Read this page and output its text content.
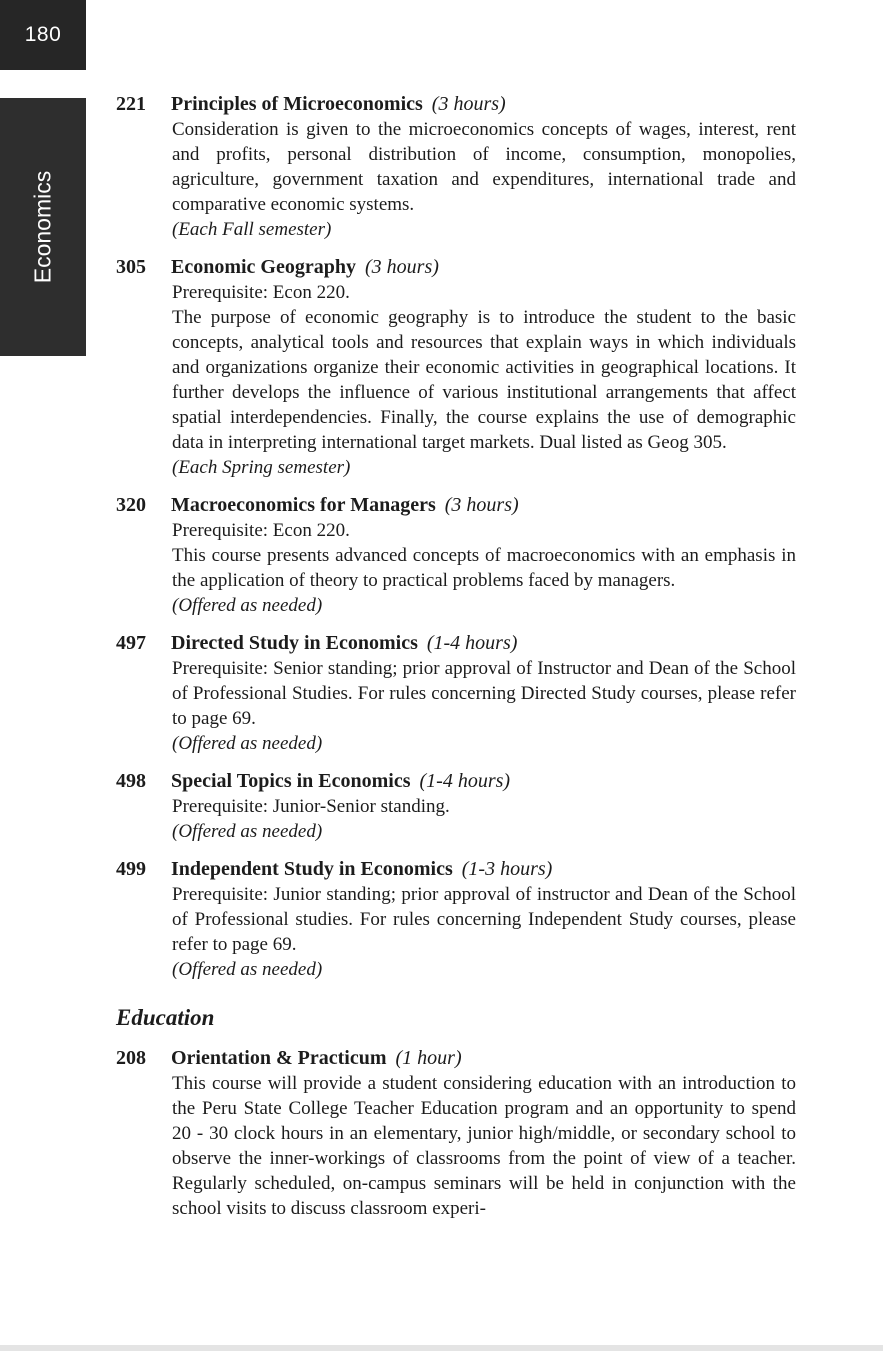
180
Economics
221	Principles of Microeconomics (3 hours)

Consideration is given to the microeconomics concepts of wages, interest, rent and profits, personal distribution of income, consumption, monopolies, agriculture, government taxation and expenditures, international trade and comparative economic systems.

(Each Fall semester)
305	Economic Geography (3 hours)
Prerequisite: Econ 220.

The purpose of economic geography is to introduce the student to the basic concepts, analytical tools and resources that explain ways in which individuals and organizations organize their economic activities in geographical locations. It further develops the influence of various institutional arrangements that affect spatial interdependencies. Finally, the course explains the use of demographic data in interpreting international target markets. Dual listed as Geog 305.

(Each Spring semester)
320	Macroeconomics for Managers (3 hours)
Prerequisite: Econ 220.

This course presents advanced concepts of macroeconomics with an emphasis in the application of theory to practical problems faced by managers.

(Offered as needed)
497	Directed Study in Economics (1-4 hours)

Prerequisite: Senior standing; prior approval of Instructor and Dean of the School of Professional Studies. For rules concerning Directed Study courses, please refer to page 69.

(Offered as needed)
498	Special Topics in Economics (1-4 hours)
Prerequisite: Junior-Senior standing.
(Offered as needed)
499	Independent Study in Economics (1-3 hours)

Prerequisite: Junior standing; prior approval of instructor and Dean of the School of Professional studies. For rules concerning Independent Study courses, please refer to page 69.

(Offered as needed)
Education
208	Orientation & Practicum (1 hour)

This course will provide a student considering education with an introduction to the Peru State College Teacher Education program and an opportunity to spend 20 - 30 clock hours in an elementary, junior high/middle, or secondary school to observe the inner-workings of classrooms from the point of view of a teacher. Regularly scheduled, on-campus seminars will be held in conjunction with the school visits to discuss classroom experi-
